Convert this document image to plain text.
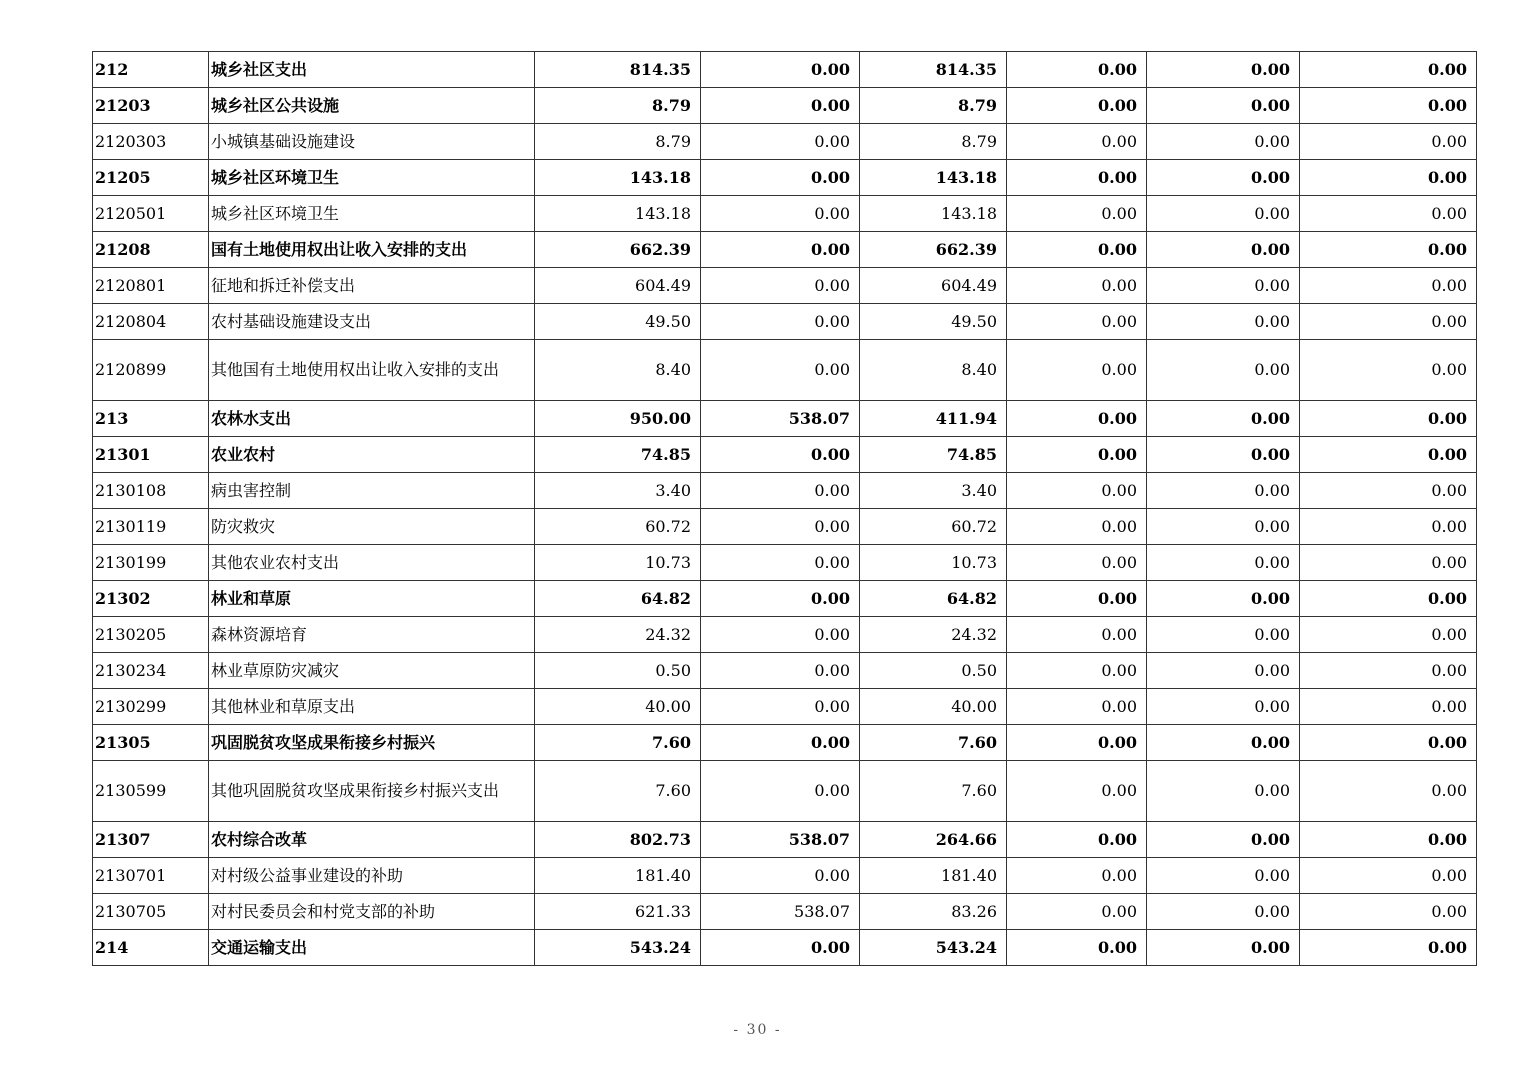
212	城乡社区支出	814.35	0.00	814.35	0.00	0.00	0.00
21203	城乡社区公共设施	8.79	0.00	8.79	0.00	0.00	0.00
2120303	小城镇基础设施建设	8.79	0.00	8.79	0.00	0.00	0.00
21205	城乡社区环境卫生	143.18	0.00	143.18	0.00	0.00	0.00
2120501	城乡社区环境卫生	143.18	0.00	143.18	0.00	0.00	0.00
21208	国有土地使用权出让收入安排的支出	662.39	0.00	662.39	0.00	0.00	0.00
2120801	征地和拆迁补偿支出	604.49	0.00	604.49	0.00	0.00	0.00
2120804	农村基础设施建设支出	49.50	0.00	49.50	0.00	0.00	0.00
2120899	其他国有土地使用权出让收入安排的支出	8.40	0.00	8.40	0.00	0.00	0.00
213	农林水支出	950.00	538.07	411.94	0.00	0.00	0.00
21301	农业农村	74.85	0.00	74.85	0.00	0.00	0.00
2130108	病虫害控制	3.40	0.00	3.40	0.00	0.00	0.00
2130119	防灾救灾	60.72	0.00	60.72	0.00	0.00	0.00
2130199	其他农业农村支出	10.73	0.00	10.73	0.00	0.00	0.00
21302	林业和草原	64.82	0.00	64.82	0.00	0.00	0.00
2130205	森林资源培育	24.32	0.00	24.32	0.00	0.00	0.00
2130234	林业草原防灾减灾	0.50	0.00	0.50	0.00	0.00	0.00
2130299	其他林业和草原支出	40.00	0.00	40.00	0.00	0.00	0.00
21305	巩固脱贫攻坚成果衔接乡村振兴	7.60	0.00	7.60	0.00	0.00	0.00
2130599	其他巩固脱贫攻坚成果衔接乡村振兴支出	7.60	0.00	7.60	0.00	0.00	0.00
21307	农村综合改革	802.73	538.07	264.66	0.00	0.00	0.00
2130701	对村级公益事业建设的补助	181.40	0.00	181.40	0.00	0.00	0.00
2130705	对村民委员会和村党支部的补助	621.33	538.07	83.26	0.00	0.00	0.00
214	交通运输支出	543.24	0.00	543.24	0.00	0.00	0.00
- 30 -
